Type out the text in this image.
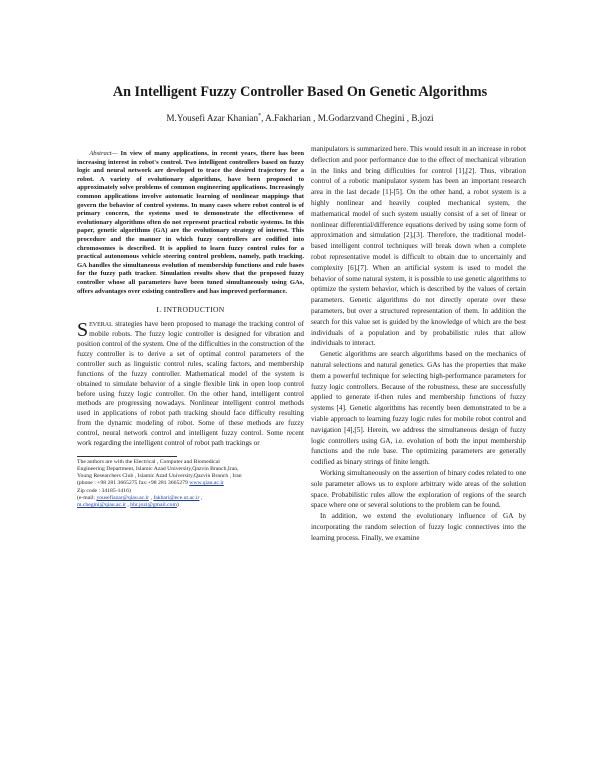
An Intelligent Fuzzy Controller Based On Genetic Algorithms
M.Yousefi Azar Khanian*, A.Fakharian , M.Godarzvand Chegini , B.jozi
Abstract— In view of many applications, in recent years, there has been increasing interest in robot's control. Two intelligent controllers based on fuzzy logic and neural network are developed to trace the desired trajectory for a robot. A variety of evolutionary algorithms, have been proposed to approximately solve problems of common engineering applications. Increasingly common applications involve automatic learning of nonlinear mappings that govern the behavior of control systems. In many cases where robot control is of primary concern, the systems used to demonstrate the effectiveness of evolutionary algorithms often do not represent practical robotic systems. In this paper, genetic algorithms (GA) are the evolutionary strategy of interest. This procedure and the manner in which fuzzy controllers are codified into chromosomes is described. It is applied to learn fuzzy control rules for a practical autonomous vehicle steering control problem, namely, path tracking. GA handles the simultaneous evolution of membership functions and rule bases for the fuzzy path tracker. Simulation results show that the proposed fuzzy controller whose all parameters have been tuned simultaneously using GAs, offers advantages over existing controllers and has improved performance.
I. INTRODUCTION
SEVERAL strategies have been proposed to manage the tracking control of mobile robots. The fuzzy logic controller is designed for vibration and position control of the system. One of the difficulties in the construction of the fuzzy controller is to derive a set of optimal control parameters of the controller such as linguistic control rules, scaling factors, and membership functions of the fuzzy controller. Mathematical model of the system is obtained to simulate behavior of a single flexible link in open loop control before using fuzzy logic controller. On the other hand, intelligent control methods are progressing nowadays. Nonlinear intelligent control methods used in applications of robot path tracking should face difficulty resulting from the dynamic modeling of robot. Some of these methods are fuzzy control, neural network control and intelligent fuzzy control. Some recent work regarding the intelligent control of robot path trackings or
The authors are with the Electrical , Computer and Biomedical
Engineering Department, Islamic Azad University,Qazvin Branch,Iran,
Young Researchers Club , Islamic Azad University,Qazvin Branch , Iran
(phone : +98 281 3665275 fax:+98 281 3665279 www.qiau.ac.ir
Zip code : 34185-1416)
(e-mail: yousefiazar@qiau.ac.ir , fakhari@ece.ut.ac.ir ,
m.chegini@qiau.ac.ir , bhr.jozi@gmail.com)

manipulators is summarized here. This would result in an increase in robot deflection and poor performance due to the effect of mechanical vibration in the links and bring difficulties for control [1],[2]. Thus, vibration control of a robotic manipulator system has been an important research area in the last decade [1]-[5]. On the other hand, a robot system is a highly nonlinear and heavily coupled mechanical system, the mathematical model of such system usually consist of a set of linear or nonlinear differential/difference equations derived by using some form of approximation and simulation [2],[3]. Therefore, the traditional model-based intelligent control techniques will break down when a complete robot representative model is difficult to obtain due to uncertainly and complexity [6],[7]. When an artificial system is used to model the behavior of some natural system, it is possible to use genetic algorithms to optimize the system behavior, which is described by the values of certain parameters. Genetic algorithms do not directly operate over these parameters, but over a structured representation of them. In addition the search for this value set is guided by the knowledge of which are the best individuals of a population and by probabilistic rules that allow individuals to interact.

Genetic algorithms are search algorithms based on the mechanics of natural selections and natural genetics. GAs has the properties that make them a powerful technique for selecting high-performance parameters for fuzzy logic controllers. Because of the robustness, these are successfully applied to generate if-then rules and membership functions of fuzzy systems [4]. Genetic algorithms has recently been demonstrated to be a viable approach to learning fuzzy logic rules for mobile robot control and navigation [4],[5]. Herein, we address the simultaneous design of fuzzy logic controllers using GA, i.e. evolution of both the input membership functions and the rule base. The optimizing parameters are generally codified as binary strings of finite length.

Working simultaneously on the assertion of binary codes related to one sole parameter allows us to explore arbitrary wide areas of the solution space. Probabilistic rules allow the exploration of regions of the search space where one or several solutions to the problem can be found.

In addition, we extend the evolutionary influence of GA by incorporating the random selection of fuzzy logic connectives into the learning process. Finally, we examine
